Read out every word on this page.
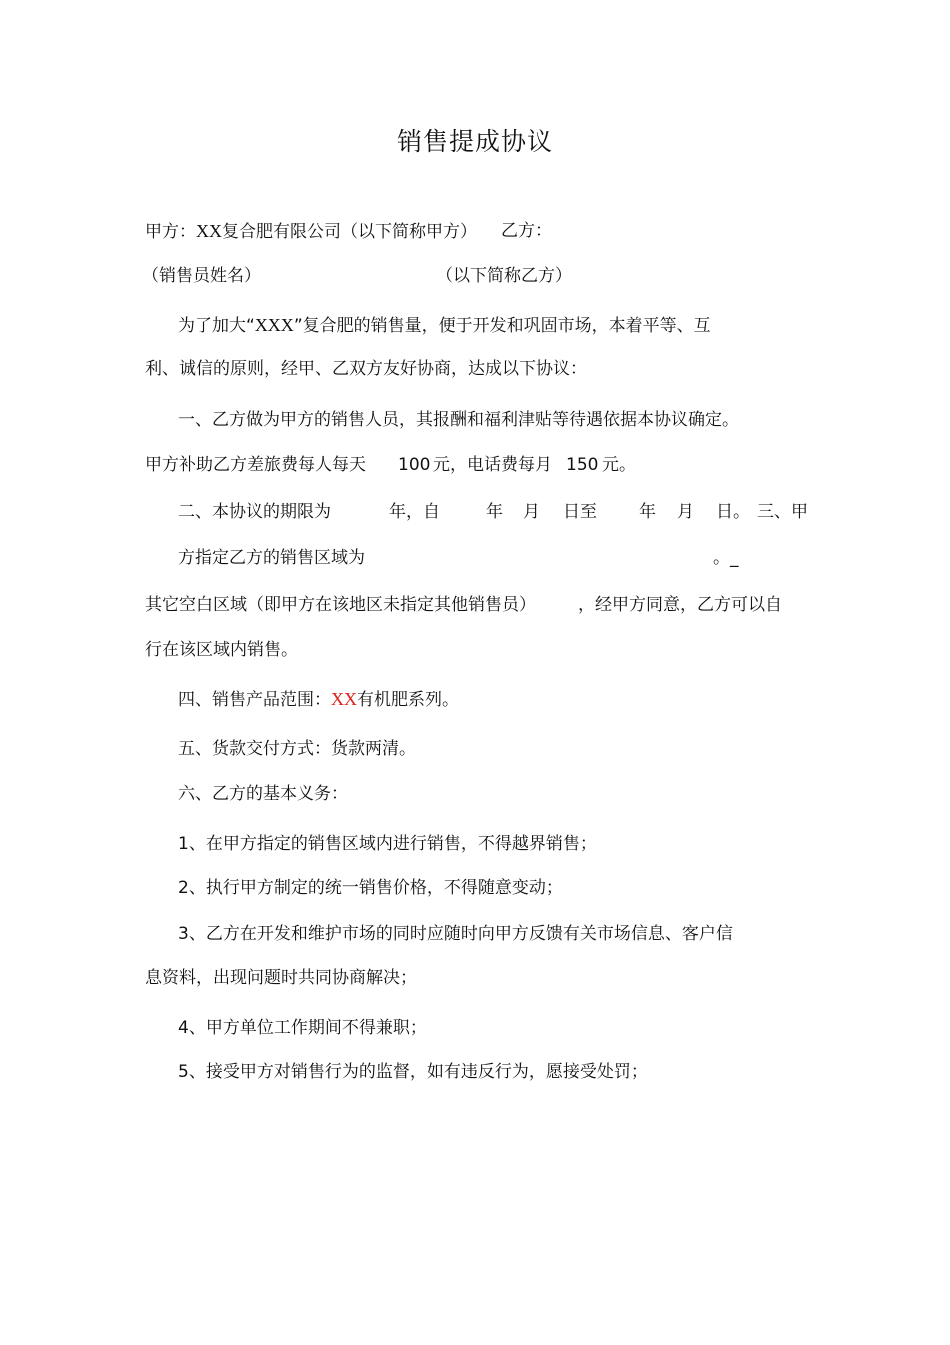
销售提成协议
甲方：XX复合肥有限公司（以下简称甲方） 乙方：
（销售员姓名）	（以下简称乙方）
为了加大“XXX”复合肥的销售量，便于开发和巩固市场，本着平等、互
利、诚信的原则，经甲、乙双方友好协商，达成以下协议：
一、乙方做为甲方的销售人员，其报酬和福利津贴等待遇依据本协议确定。
甲方补助乙方差旅费每人每天 100 元，电话费每月 150 元。
二、本协议的期限为	年，自	年 月 日至 年 月 日。 三、甲
方指定乙方的销售区域为	。_
其它空白区域（即甲方在该地区未指定其他销售员） ，经甲方同意，乙方可以自
行在该区域内销售。
四、销售产品范围：XX有机肥系列。
五、货款交付方式：货款两清。
六、乙方的基本义务：
1、在甲方指定的销售区域内进行销售，不得越界销售；
2、执行甲方制定的统一销售价格，不得随意变动；
3、乙方在开发和维护市场的同时应随时向甲方反馈有关市场信息、客户信
息资料，出现问题时共同协商解决；
4、甲方单位工作期间不得兼职；
5、接受甲方对销售行为的监督，如有违反行为，愿接受处罚；
